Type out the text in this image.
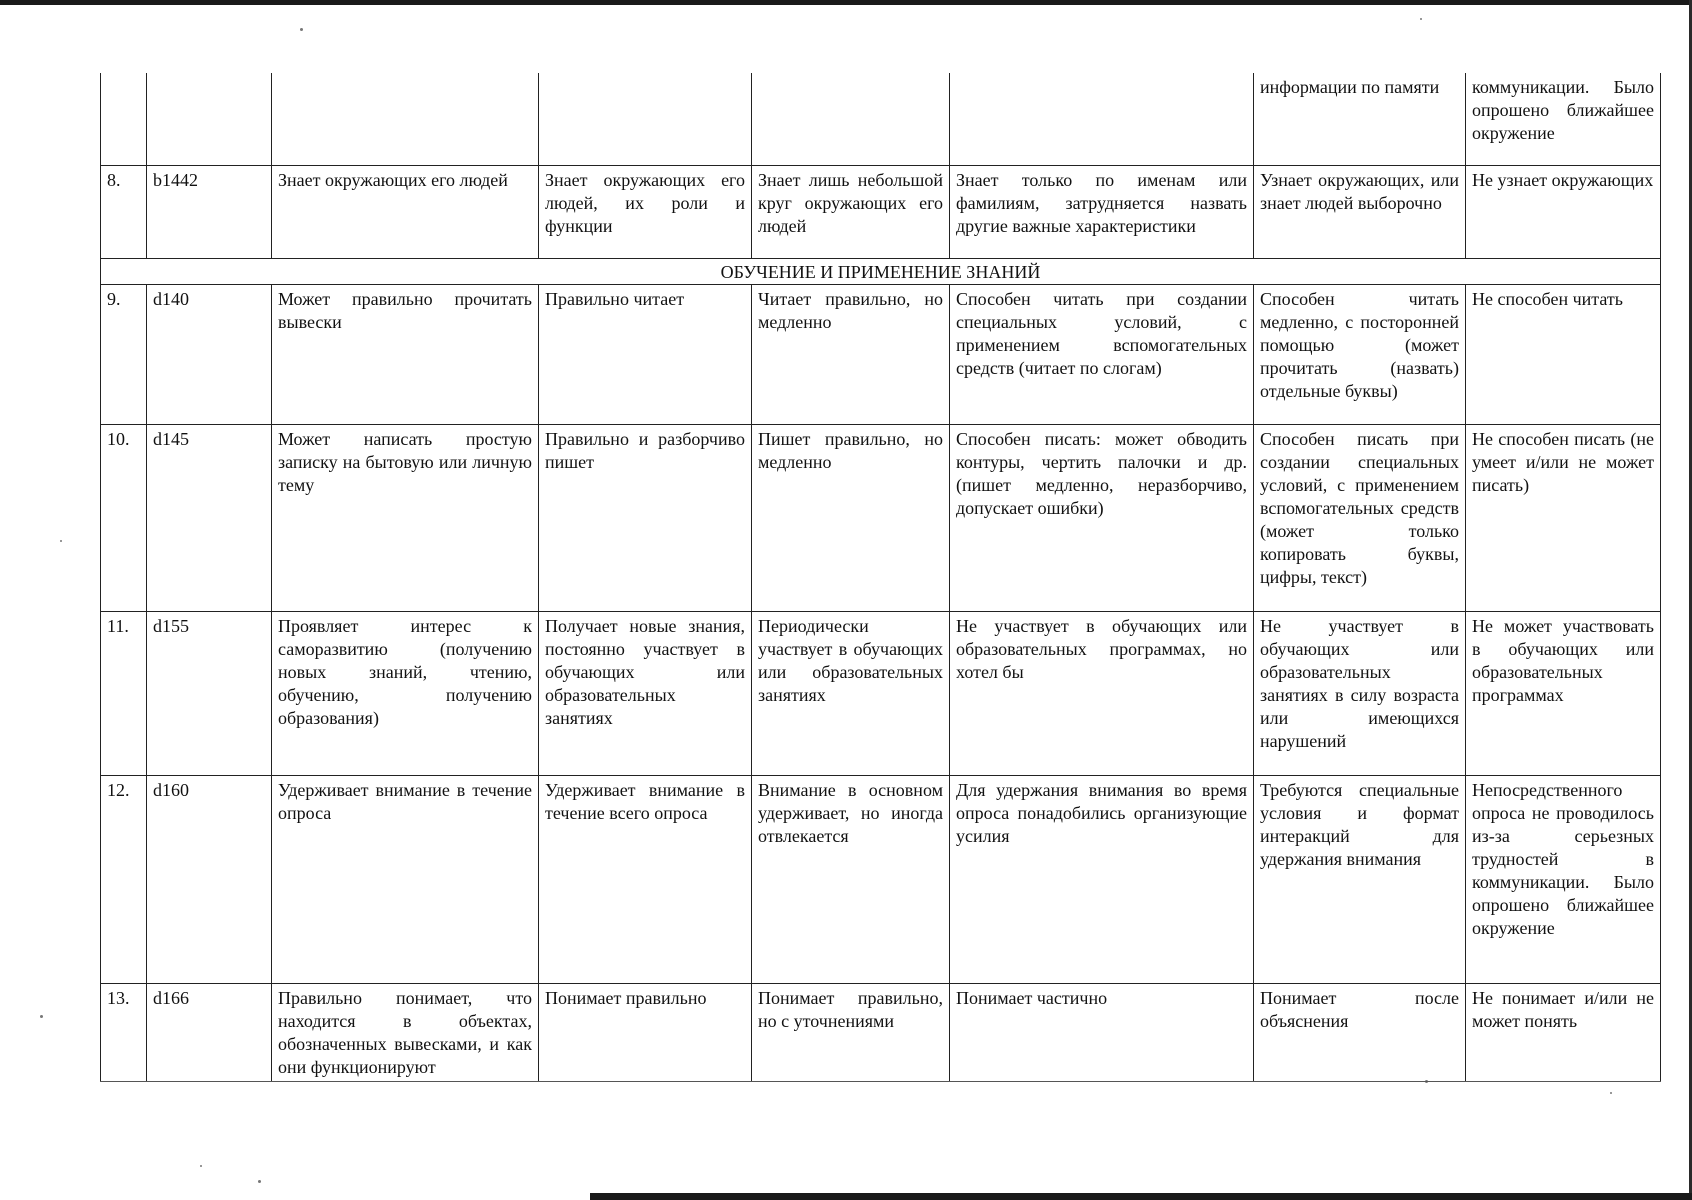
						информации по памяти	коммуникации. Было опрошено ближайшее окружение
8.	b1442	Знает окружающих его людей	Знает окружающих его людей, их роли и функции	Знает лишь небольшой круг окружающих его людей	Знает только по именам или фамилиям, затрудняется назвать другие важные характеристики	Узнает окружающих, или знает людей выборочно	Не узнает окружающих
ОБУЧЕНИЕ И ПРИМЕНЕНИЕ ЗНАНИЙ							
9.	d140	Может правильно прочитать вывески	Правильно читает	Читает правильно, но медленно	Способен читать при создании специальных условий, с применением вспомогательных средств (читает по слогам)	Способен читать медленно, с посторонней помощью (может прочитать (назвать) отдельные буквы)	Не способен читать
10.	d145	Может написать простую записку на бытовую или личную тему	Правильно и разборчиво пишет	Пишет правильно, но медленно	Способен писать: может обводить контуры, чертить палочки и др. (пишет медленно, неразборчиво, допускает ошибки)	Способен писать при создании специальных условий, с применением вспомогательных средств (может только копировать буквы, цифры, текст)	Не способен писать (не умеет и/или не может писать)
11.	d155	Проявляет интерес к саморазвитию (получению новых знаний, чтению, обучению, получению образования)	Получает новые знания, постоянно участвует в обучающих или образовательных занятиях	Периодически участвует в обучающих или образовательных занятиях	Не участвует в обучающих или образовательных программах, но хотел бы	Не участвует в обучающих или образовательных занятиях в силу возраста или имеющихся нарушений	Не может участвовать в обучающих или образовательных программах
12.	d160	Удерживает внимание в течение опроса	Удерживает внимание в течение всего опроса	Внимание в основном удерживает, но иногда отвлекается	Для удержания внимания во время опроса понадобились организующие усилия	Требуются специальные условия и формат интеракций для удержания внимания	Непосредственного опроса не проводилось из-за серьезных трудностей в коммуникации. Было опрошено ближайшее окружение
13.	d166	Правильно понимает, что находится в объектах, обозначенных вывесками, и как они функционируют	Понимает правильно	Понимает правильно, но с уточнениями	Понимает частично	Понимает после объяснения	Не понимает и/или не может понять
